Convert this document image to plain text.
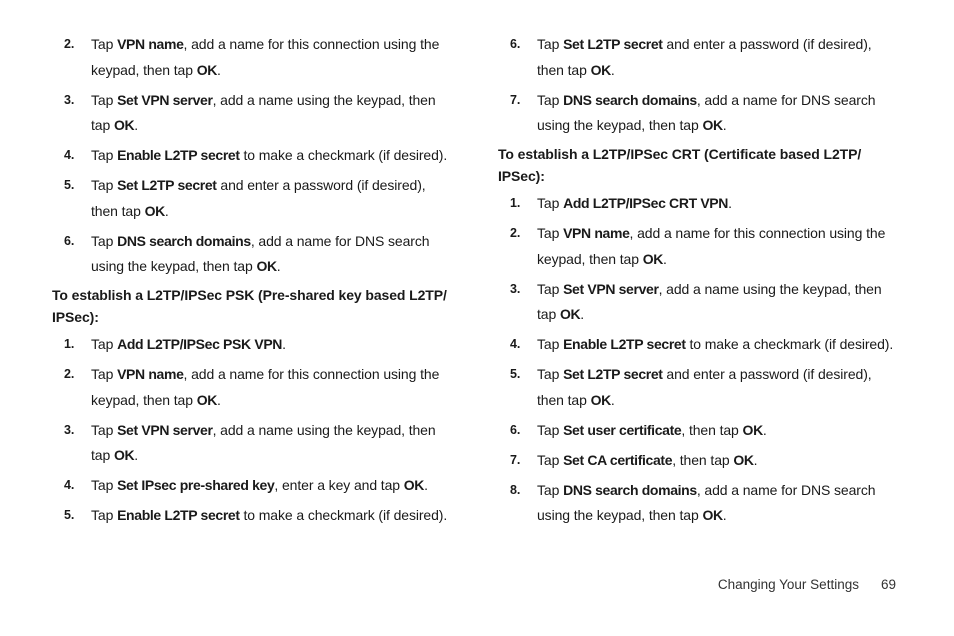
2. Tap VPN name, add a name for this connection using the keypad, then tap OK.
3. Tap Set VPN server, add a name using the keypad, then tap OK.
4. Tap Enable L2TP secret to make a checkmark (if desired).
5. Tap Set L2TP secret and enter a password (if desired), then tap OK.
6. Tap DNS search domains, add a name for DNS search using the keypad, then tap OK.
To establish a L2TP/IPSec PSK (Pre-shared key based L2TP/ IPSec):
1. Tap Add L2TP/IPSec PSK VPN.
2. Tap VPN name, add a name for this connection using the keypad, then tap OK.
3. Tap Set VPN server, add a name using the keypad, then tap OK.
4. Tap Set IPsec pre-shared key, enter a key and tap OK.
5. Tap Enable L2TP secret to make a checkmark (if desired).
6. Tap Set L2TP secret and enter a password (if desired), then tap OK.
7. Tap DNS search domains, add a name for DNS search using the keypad, then tap OK.
To establish a L2TP/IPSec CRT (Certificate based L2TP/ IPSec):
1. Tap Add L2TP/IPSec CRT VPN.
2. Tap VPN name, add a name for this connection using the keypad, then tap OK.
3. Tap Set VPN server, add a name using the keypad, then tap OK.
4. Tap Enable L2TP secret to make a checkmark (if desired).
5. Tap Set L2TP secret and enter a password (if desired), then tap OK.
6. Tap Set user certificate, then tap OK.
7. Tap Set CA certificate, then tap OK.
8. Tap DNS search domains, add a name for DNS search using the keypad, then tap OK.
Changing Your Settings 69
